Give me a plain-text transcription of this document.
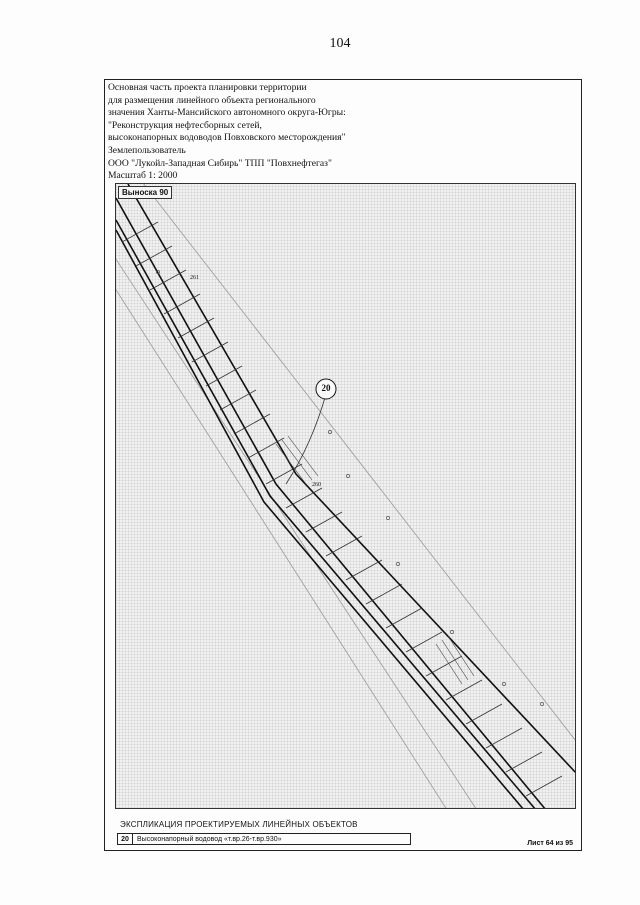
104
Основная часть проекта планировки территории
для размещения линейного объекта регионального
значения Ханты-Мансийского автономного округа-Югры:
"Реконструкция нефтесборных сетей,
высоконапорных водоводов Повховского месторождения"
Землепользователь
ООО "Лукойл-Западная Сибирь" ТПП "Повхнефтегаз"
Масштаб 1: 2000
Выноска 90
20
261
260
ЭКСПЛИКАЦИЯ ПРОЕКТИРУЕМЫХ ЛИНЕЙНЫХ ОБЪЕКТОВ
20	Высоконапорный водовод «т.вр.26-т.вр.930»
Лист 64 из 95
